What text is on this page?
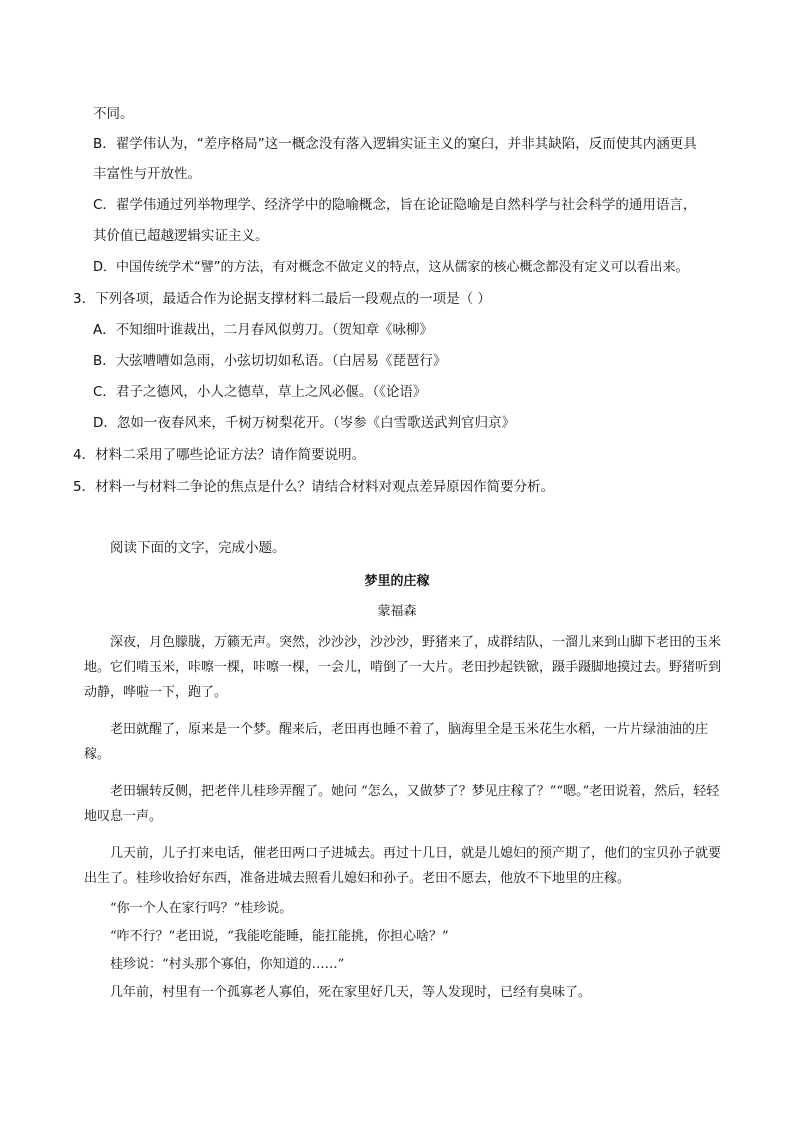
不同。
B．翟学伟认为，“差序格局”这一概念没有落入逻辑实证主义的窠臼，并非其缺陷，反而使其内涵更具
丰富性与开放性。
C．翟学伟通过列举物理学、经济学中的隐喻概念，旨在论证隐喻是自然科学与社会科学的通用语言，
其价值已超越逻辑实证主义。
D．中国传统学术“譬”的方法，有对概念不做定义的特点，这从儒家的核心概念都没有定义可以看出来。
3．下列各项，最适合作为论据支撑材料二最后一段观点的一项是（ ）
A．不知细叶谁裁出，二月春风似剪刀。（贺知章《咏柳》
B．大弦嘈嘈如急雨，小弦切切如私语。（白居易《琵琶行》
C．君子之德风，小人之德草，草上之风必偃。（《论语》
D．忽如一夜春风来，千树万树梨花开。（岑参《白雪歌送武判官归京》
4．材料二采用了哪些论证方法？请作简要说明。
5．材料一与材料二争论的焦点是什么？请结合材料对观点差异原因作简要分析。
阅读下面的文字，完成小题。
梦里的庄稼
蒙福森

深夜，月色朦胧，万籁无声。突然，沙沙沙，沙沙沙，野猪来了，成群结队，一溜儿来到山脚下老田的玉米地。它们啃玉米，咔嚓一棵，咔嚓一棵，一会儿，啃倒了一大片。老田抄起铁锨，蹑手蹑脚地摸过去。野猪听到动静，哗啦一下，跑了。

老田就醒了，原来是一个梦。醒来后，老田再也睡不着了，脑海里全是玉米花生水稻，一片片绿油油的庄稼。

老田辗转反侧，把老伴儿桂珍弄醒了。她问 “怎么，又做梦了？梦见庄稼了？”“嗯。”老田说着，然后，轻轻地叹息一声。

几天前，儿子打来电话，催老田两口子进城去。再过十几日，就是儿媳妇的预产期了，他们的宝贝孙子就要出生了。桂珍收拾好东西，准备进城去照看儿媳妇和孙子。老田不愿去，他放不下地里的庄稼。

“你一个人在家行吗？”桂珍说。

“咋不行？”老田说，“我能吃能睡，能扛能挑，你担心啥？”

桂珍说：“村头那个寡伯，你知道的……”

几年前，村里有一个孤寡老人寡伯，死在家里好几天，等人发现时，已经有臭味了。
